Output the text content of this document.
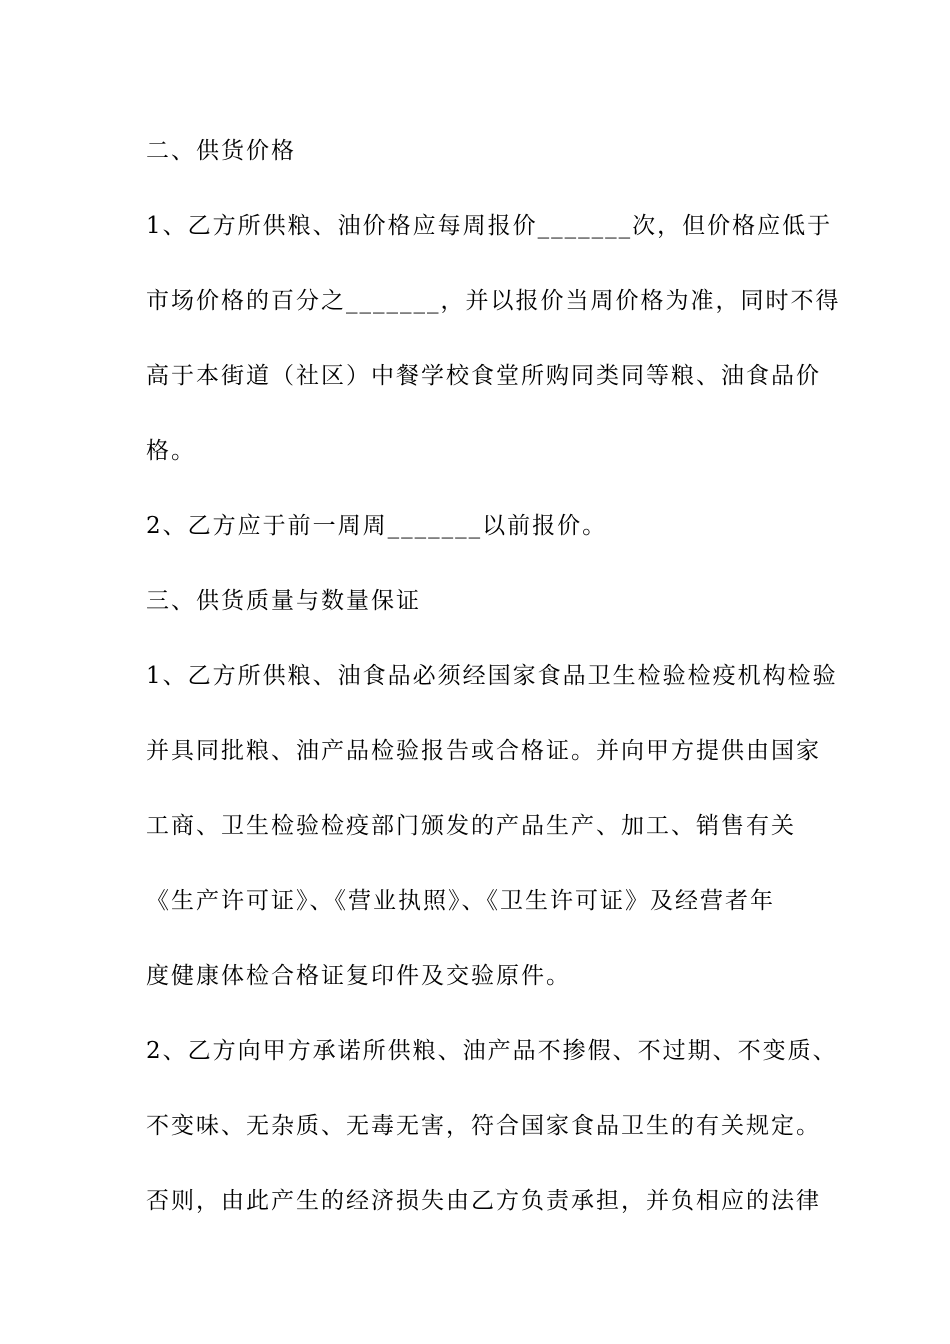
二、供货价格
1、乙方所供粮、油价格应每周报价_______次，但价格应低于
市场价格的百分之_______，并以报价当周价格为准，同时不得
高于本街道（社区）中餐学校食堂所购同类同等粮、油食品价
格。
2、乙方应于前一周周_______以前报价。
三、供货质量与数量保证
1、乙方所供粮、油食品必须经国家食品卫生检验检疫机构检验
并具同批粮、油产品检验报告或合格证。并向甲方提供由国家
工商、卫生检验检疫部门颁发的产品生产、加工、销售有关
《生产许可证》、《营业执照》、《卫生许可证》及经营者年
度健康体检合格证复印件及交验原件。
2、乙方向甲方承诺所供粮、油产品不掺假、不过期、不变质、
不变味、无杂质、无毒无害，符合国家食品卫生的有关规定。
否则，由此产生的经济损失由乙方负责承担，并负相应的法律
